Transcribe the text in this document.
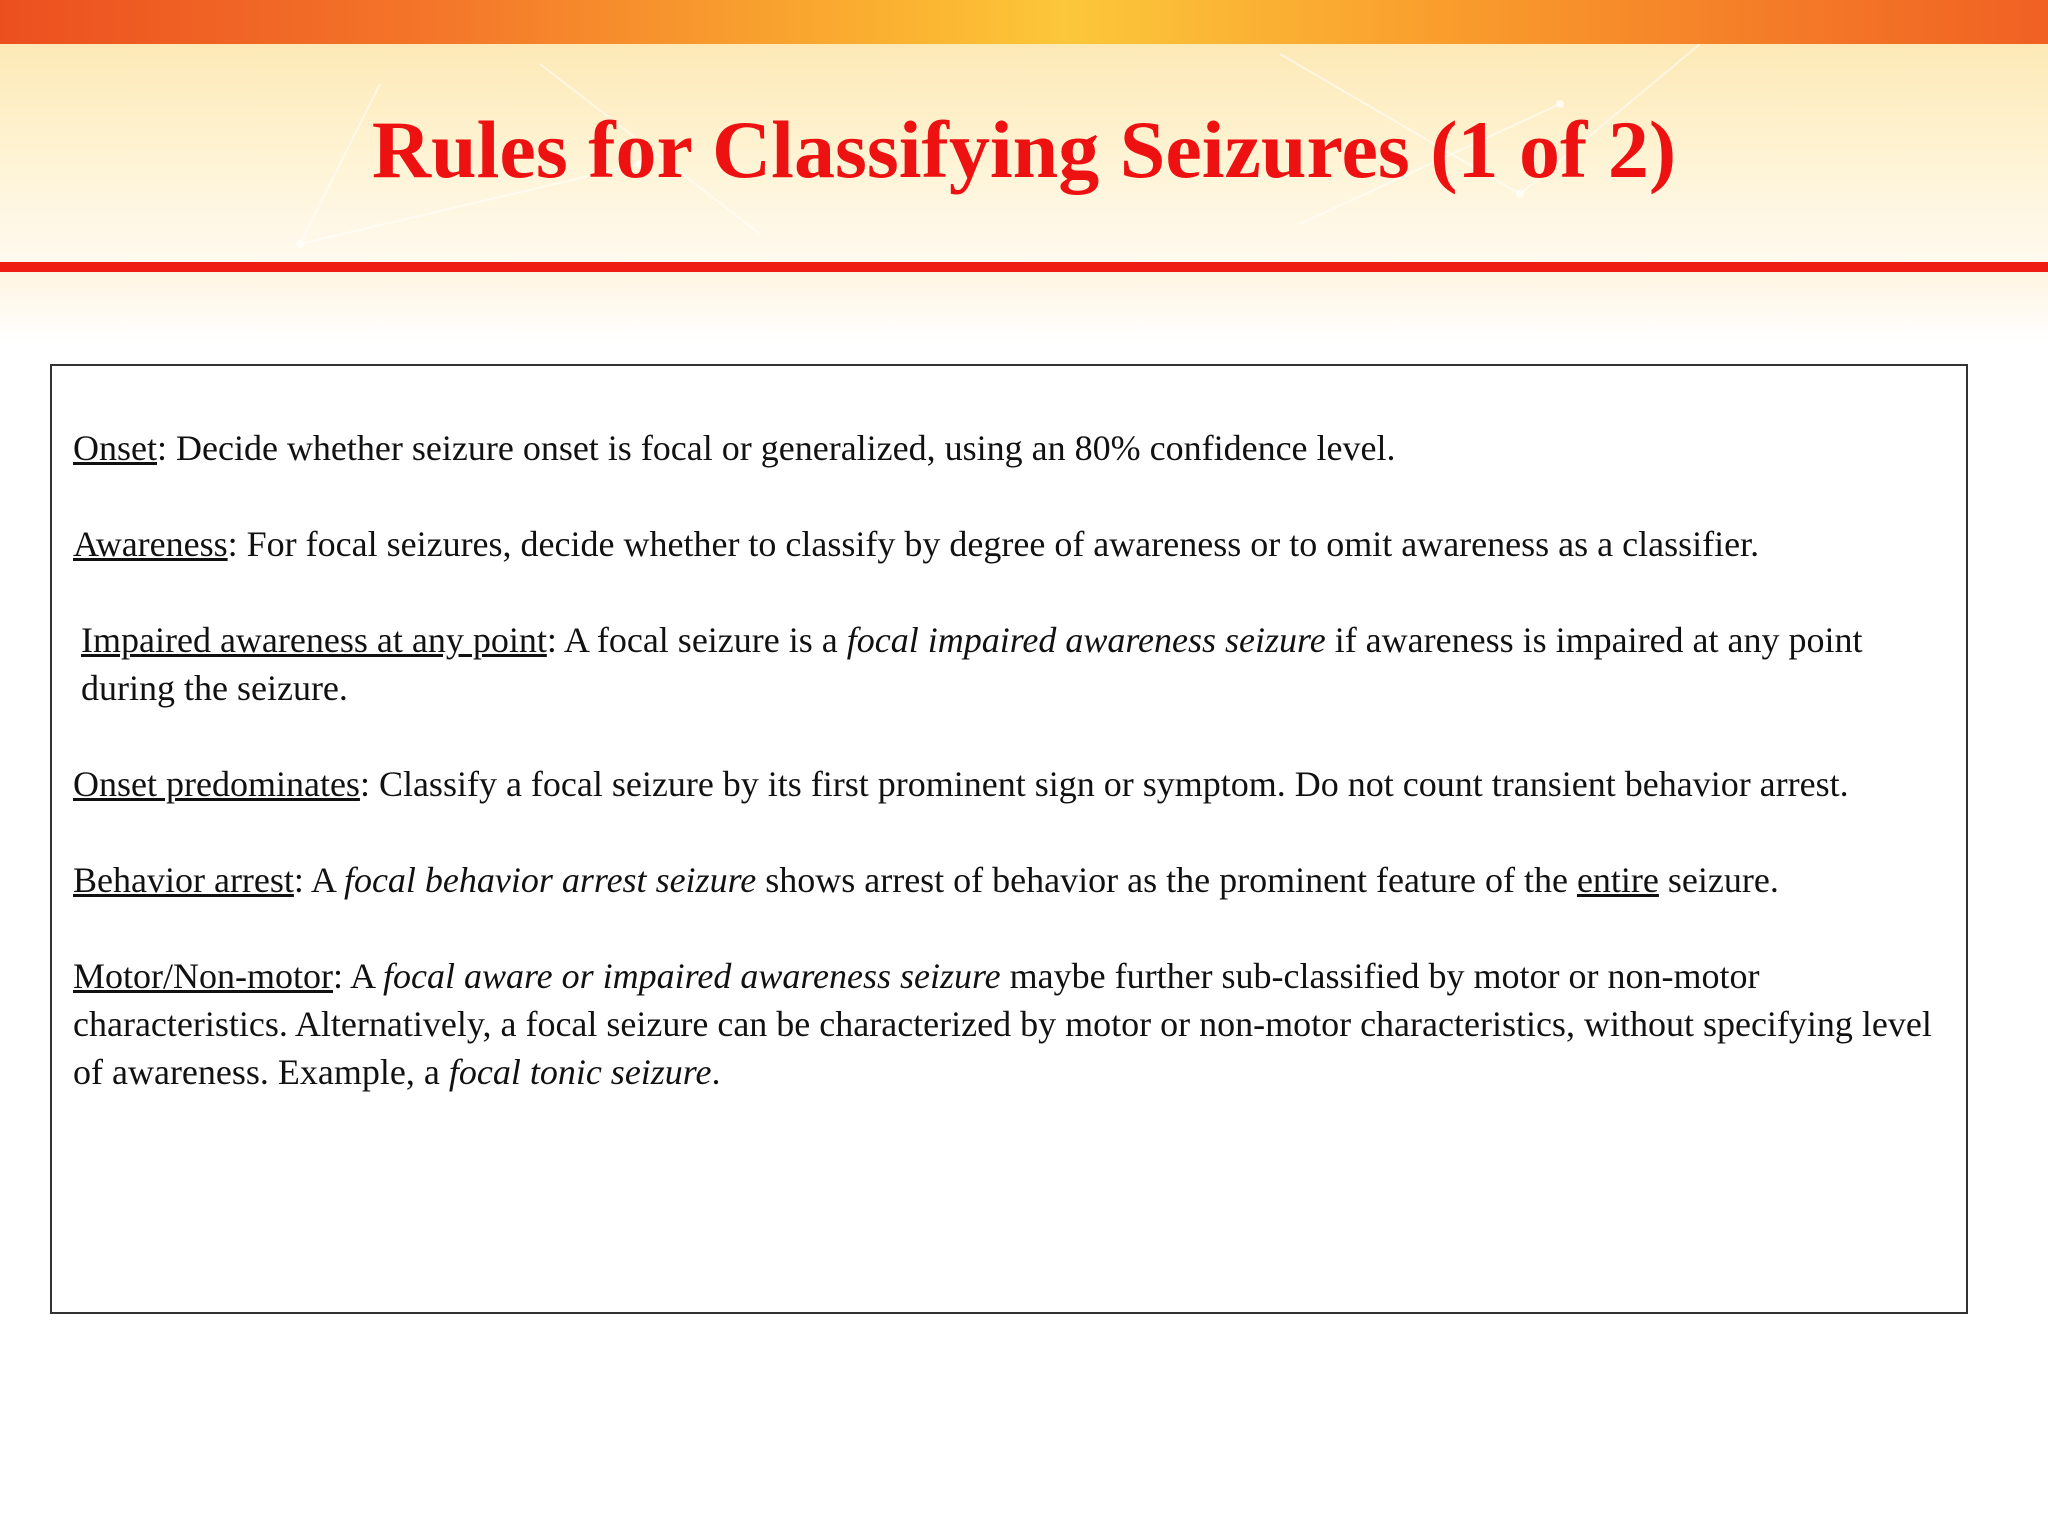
Rules for Classifying Seizures (1 of 2)

Onset: Decide whether seizure onset is focal or generalized, using an 80% confidence level.

Awareness: For focal seizures, decide whether to classify by degree of awareness or to omit awareness as a classifier.

Impaired awareness at any point: A focal seizure is a focal impaired awareness seizure if awareness is impaired at any point during the seizure.

Onset predominates: Classify a focal seizure by its first prominent sign or symptom. Do not count transient behavior arrest.

Behavior arrest: A focal behavior arrest seizure shows arrest of behavior as the prominent feature of the entire seizure.

Motor/Non-motor: A focal aware or impaired awareness seizure maybe further sub-classified by motor or non-motor characteristics. Alternatively, a focal seizure can be characterized by motor or non-motor characteristics, without specifying level of awareness. Example, a focal tonic seizure.
